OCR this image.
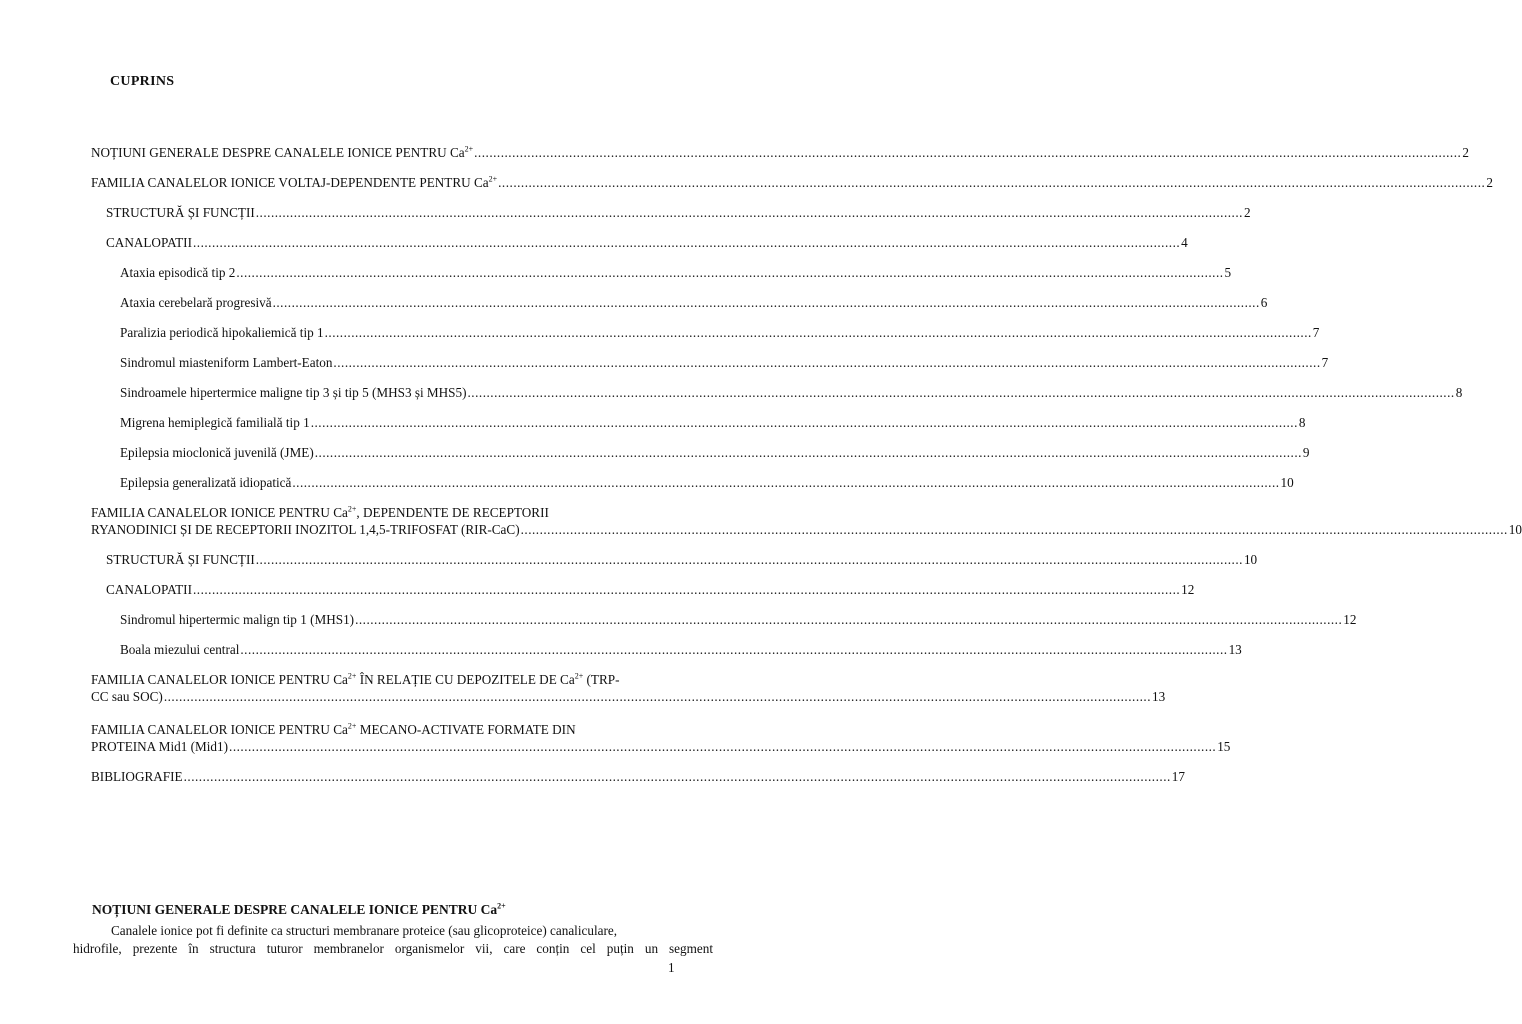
CUPRINS
NOȚIUNI GENERALE DESPRE CANALELE IONICE PENTRU $Ca^{2+}$ .................................................................................................................................................................................................................................................................... 2
FAMILIA CANALELOR IONICE VOLTAJ-DEPENDENTE PENTRU $Ca^{2+}$ .................................................................................................................................................................................................................................................................... 2
STRUCTURĂ ȘI FUNCȚII .................................................................................................................................................................................................................................................................... 2
CANALOPATII .................................................................................................................................................................................................................................................................... 4
Ataxia episodică tip 2 .................................................................................................................................................................................................................................................................... 5
Ataxia cerebelară progresivă .................................................................................................................................................................................................................................................................... 6
Paralizia periodică hipokaliemică tip 1 .................................................................................................................................................................................................................................................................... 7
Sindromul miasteniform Lambert-Eaton .................................................................................................................................................................................................................................................................... 7
Sindroamele hipertermice maligne tip 3 și tip 5 (MHS3 și MHS5) .................................................................................................................................................................................................................................................................... 8
Migrena hemiplegică familială tip 1 .................................................................................................................................................................................................................................................................... 8
Epilepsia mioclonică juvenilă (JME) .................................................................................................................................................................................................................................................................... 9
Epilepsia generalizată idiopatică .................................................................................................................................................................................................................................................................... 10
FAMILIA CANALELOR IONICE PENTRU $Ca^{2+}$, DEPENDENTE DE RECEPTORII
RYANODINICI ȘI DE RECEPTORII INOZITOL 1,4,5-TRIFOSFAT (RIR-CaC) .................................................................................................................................................................................................................................................................... 10
STRUCTURĂ ȘI FUNCȚII .................................................................................................................................................................................................................................................................... 10
CANALOPATII .................................................................................................................................................................................................................................................................... 12
Sindromul hipertermic malign tip 1 (MHS1) .................................................................................................................................................................................................................................................................... 12
Boala miezului central .................................................................................................................................................................................................................................................................... 13
FAMILIA CANALELOR IONICE PENTRU $Ca^{2+}$ ÎN RELAȚIE CU DEPOZITELE DE $Ca^{2+}$ (TRP-
CC sau SOC) .................................................................................................................................................................................................................................................................... 13
FAMILIA CANALELOR IONICE PENTRU $Ca^{2+}$ MECANO-ACTIVATE FORMATE DIN
PROTEINA Mid1 (Mid1) .................................................................................................................................................................................................................................................................... 15
BIBLIOGRAFIE .................................................................................................................................................................................................................................................................... 17
NOȚIUNI GENERALE DESPRE CANALELE IONICE PENTRU $Ca^{2+}$
Canalele ionice pot fi definite ca structuri membranare proteice (sau glicoproteice) canaliculare,
hidrofile, prezente în structura tuturor membranelor organismelor vii, care conțin cel puțin un segment
1
